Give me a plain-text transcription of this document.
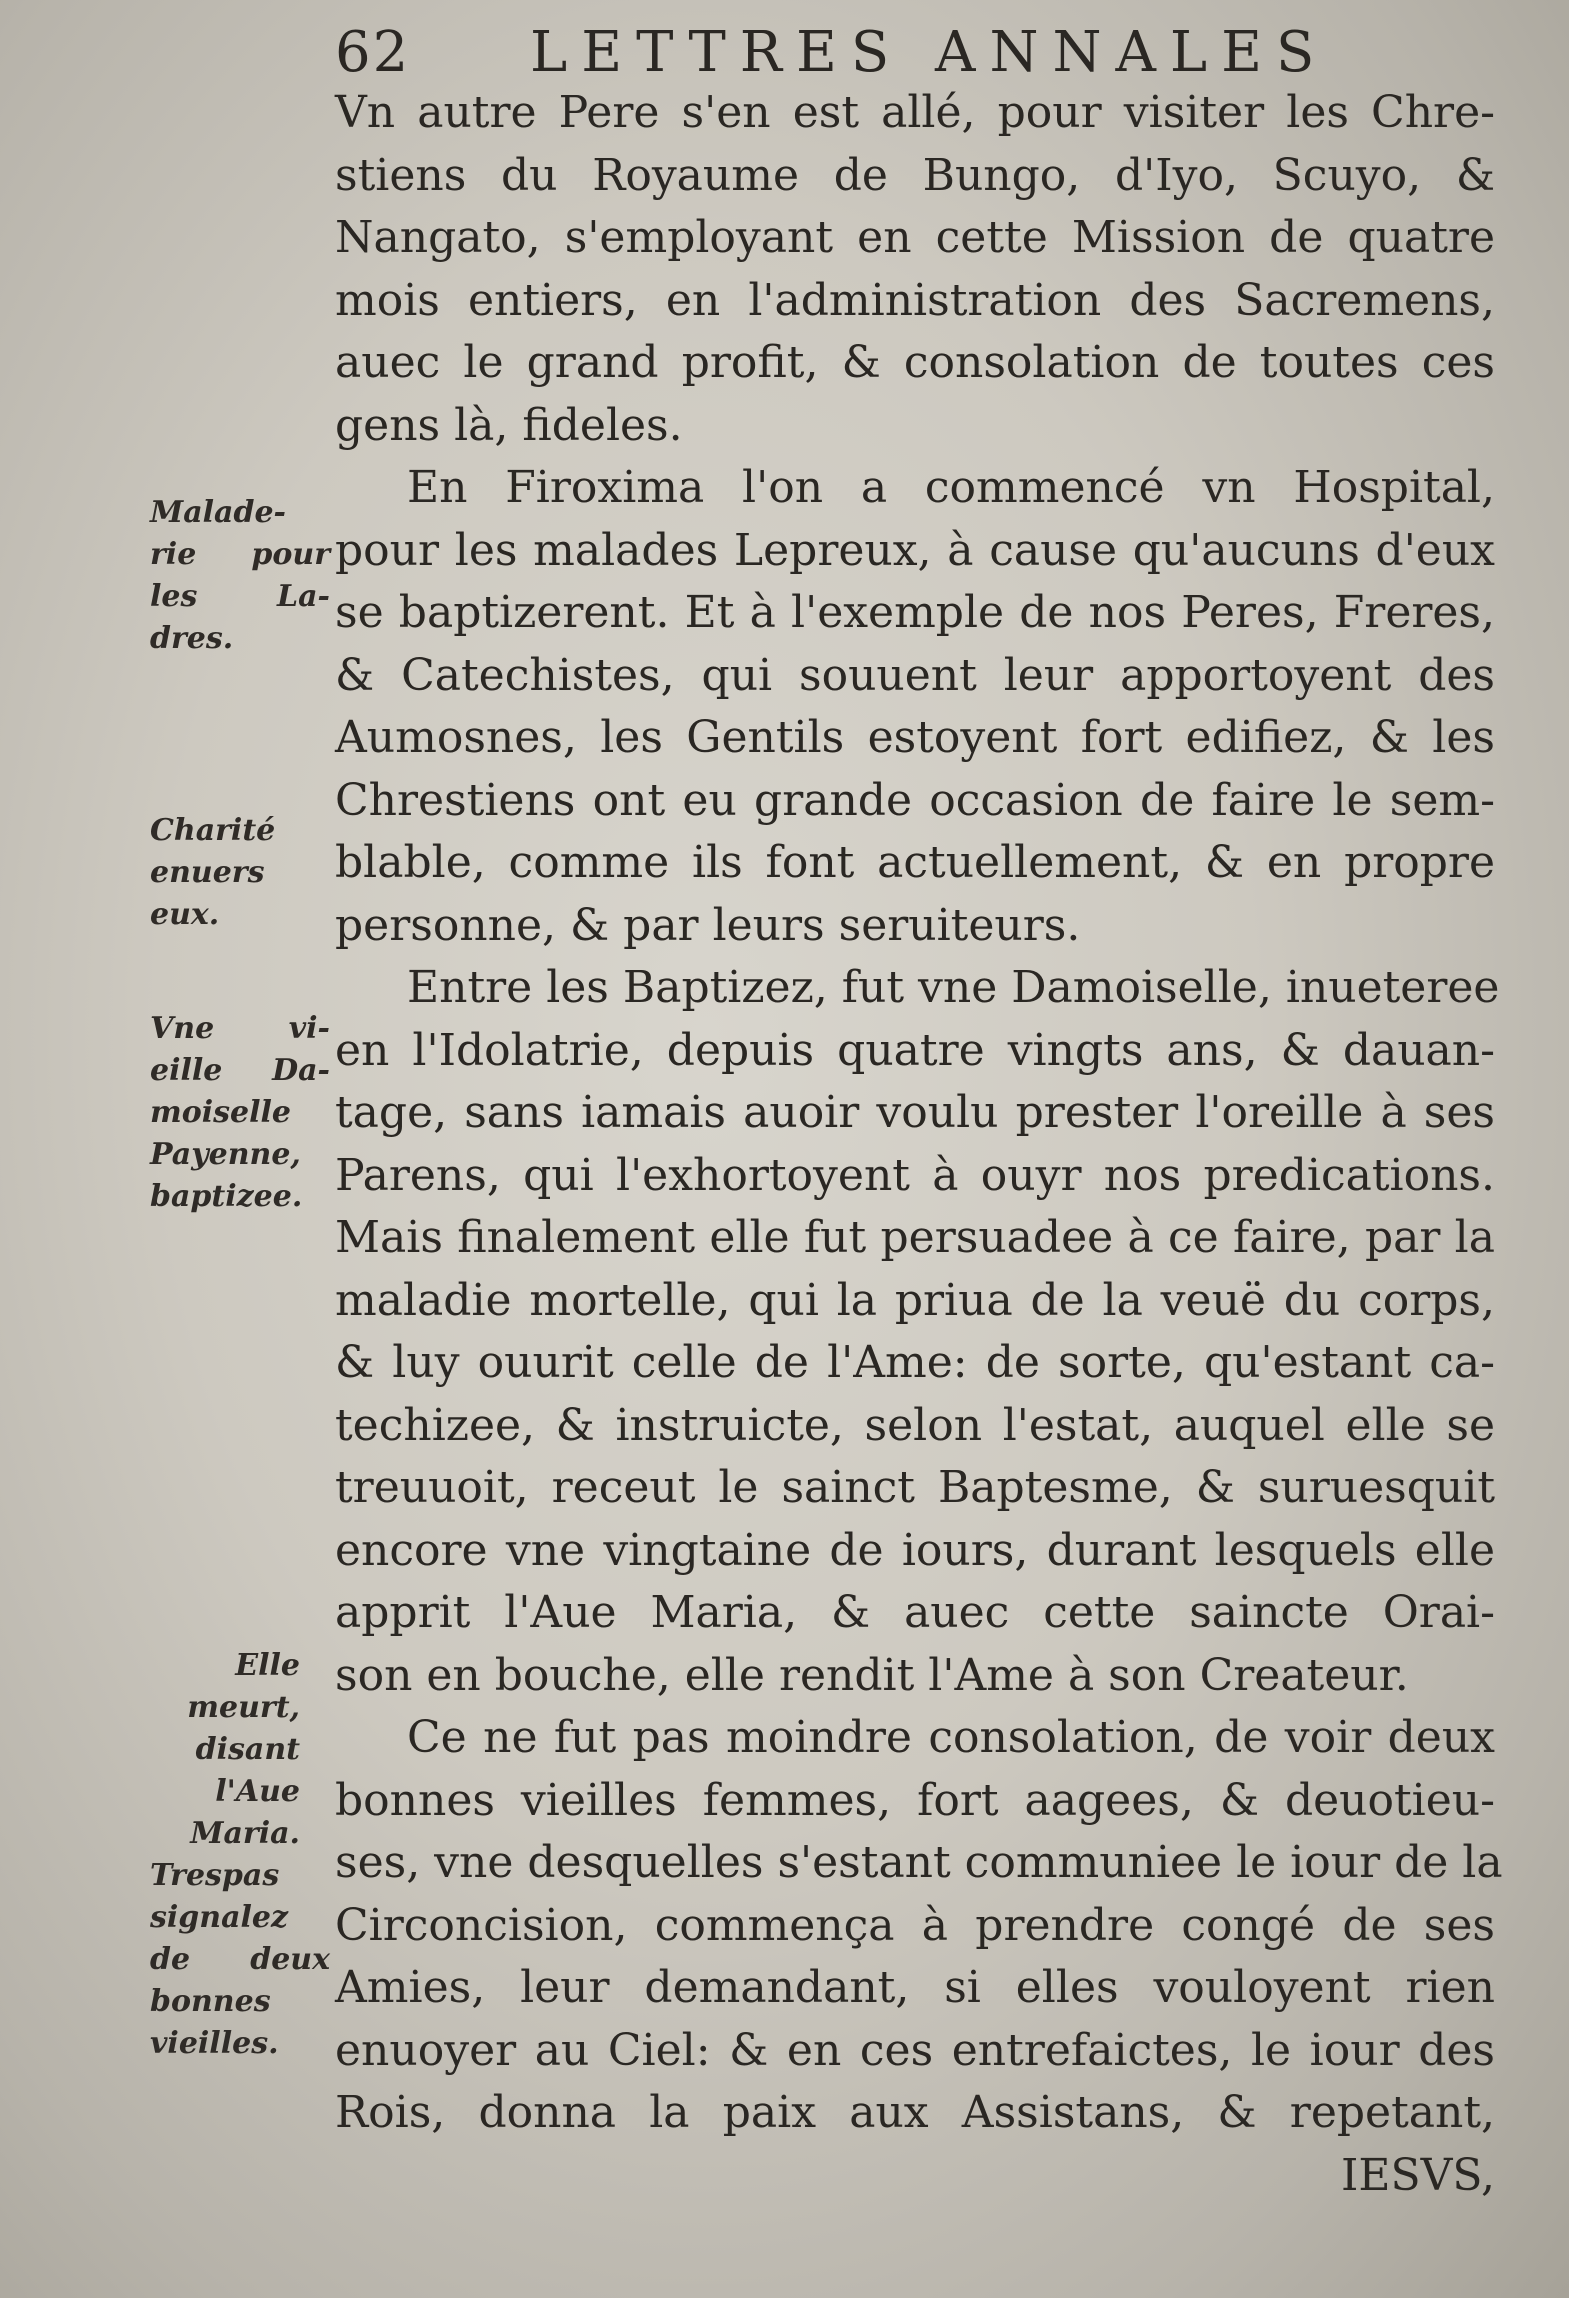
62 LETTRES ANNALES
Vn autre Pere s'en est allé, pour visiter les Chre-
stiens du Royaume de Bungo, d'Iyo, Scuyo, &
Nangato, s'employant en cette Mission de quatre
mois entiers, en l'administration des Sacremens,
auec le grand profit, & consolation de toutes ces
gens là, fideles.
En Firoxima l'on a commencé vn Hospital,
pour les malades Lepreux, à cause qu'aucuns d'eux
se baptizerent. Et à l'exemple de nos Peres, Freres,
& Catechistes, qui souuent leur apportoyent des
Aumosnes, les Gentils estoyent fort edifiez, & les
Chrestiens ont eu grande occasion de faire le sem-
blable, comme ils font actuellement, & en propre
personne, & par leurs seruiteurs.
Entre les Baptizez, fut vne Damoiselle, inueteree
en l'Idolatrie, depuis quatre vingts ans, & dauan-
tage, sans iamais auoir voulu prester l'oreille à ses
Parens, qui l'exhortoyent à ouyr nos predications.
Mais finalement elle fut persuadee à ce faire, par la
maladie mortelle, qui la priua de la veuë du corps,
& luy ouurit celle de l'Ame: de sorte, qu'estant ca-
techizee, & instruicte, selon l'estat, auquel elle se
treuuoit, receut le sainct Baptesme, & suruesquit
encore vne vingtaine de iours, durant lesquels elle
apprit l'Aue Maria, & auec cette saincte Orai-
son en bouche, elle rendit l'Ame à son Createur.
Ce ne fut pas moindre consolation, de voir deux
bonnes vieilles femmes, fort aagees, & deuotieu-
ses, vne desquelles s'estant communiee le iour de la
Circoncision, commença à prendre congé de ses
Amies, leur demandant, si elles vouloyent rien
enuoyer au Ciel: & en ces entrefaictes, le iour des
Rois, donna la paix aux Assistans, & repetant,
IESVS,
Malade-
rie pour
les La-
dres.
Charité
enuers
eux.
Vne vi-
eille Da-
moiselle
Payenne,
baptizee.
Elle
meurt,
disant
l'Aue
Maria.
Trespas
signalez
de deux
bonnes
vieilles.
